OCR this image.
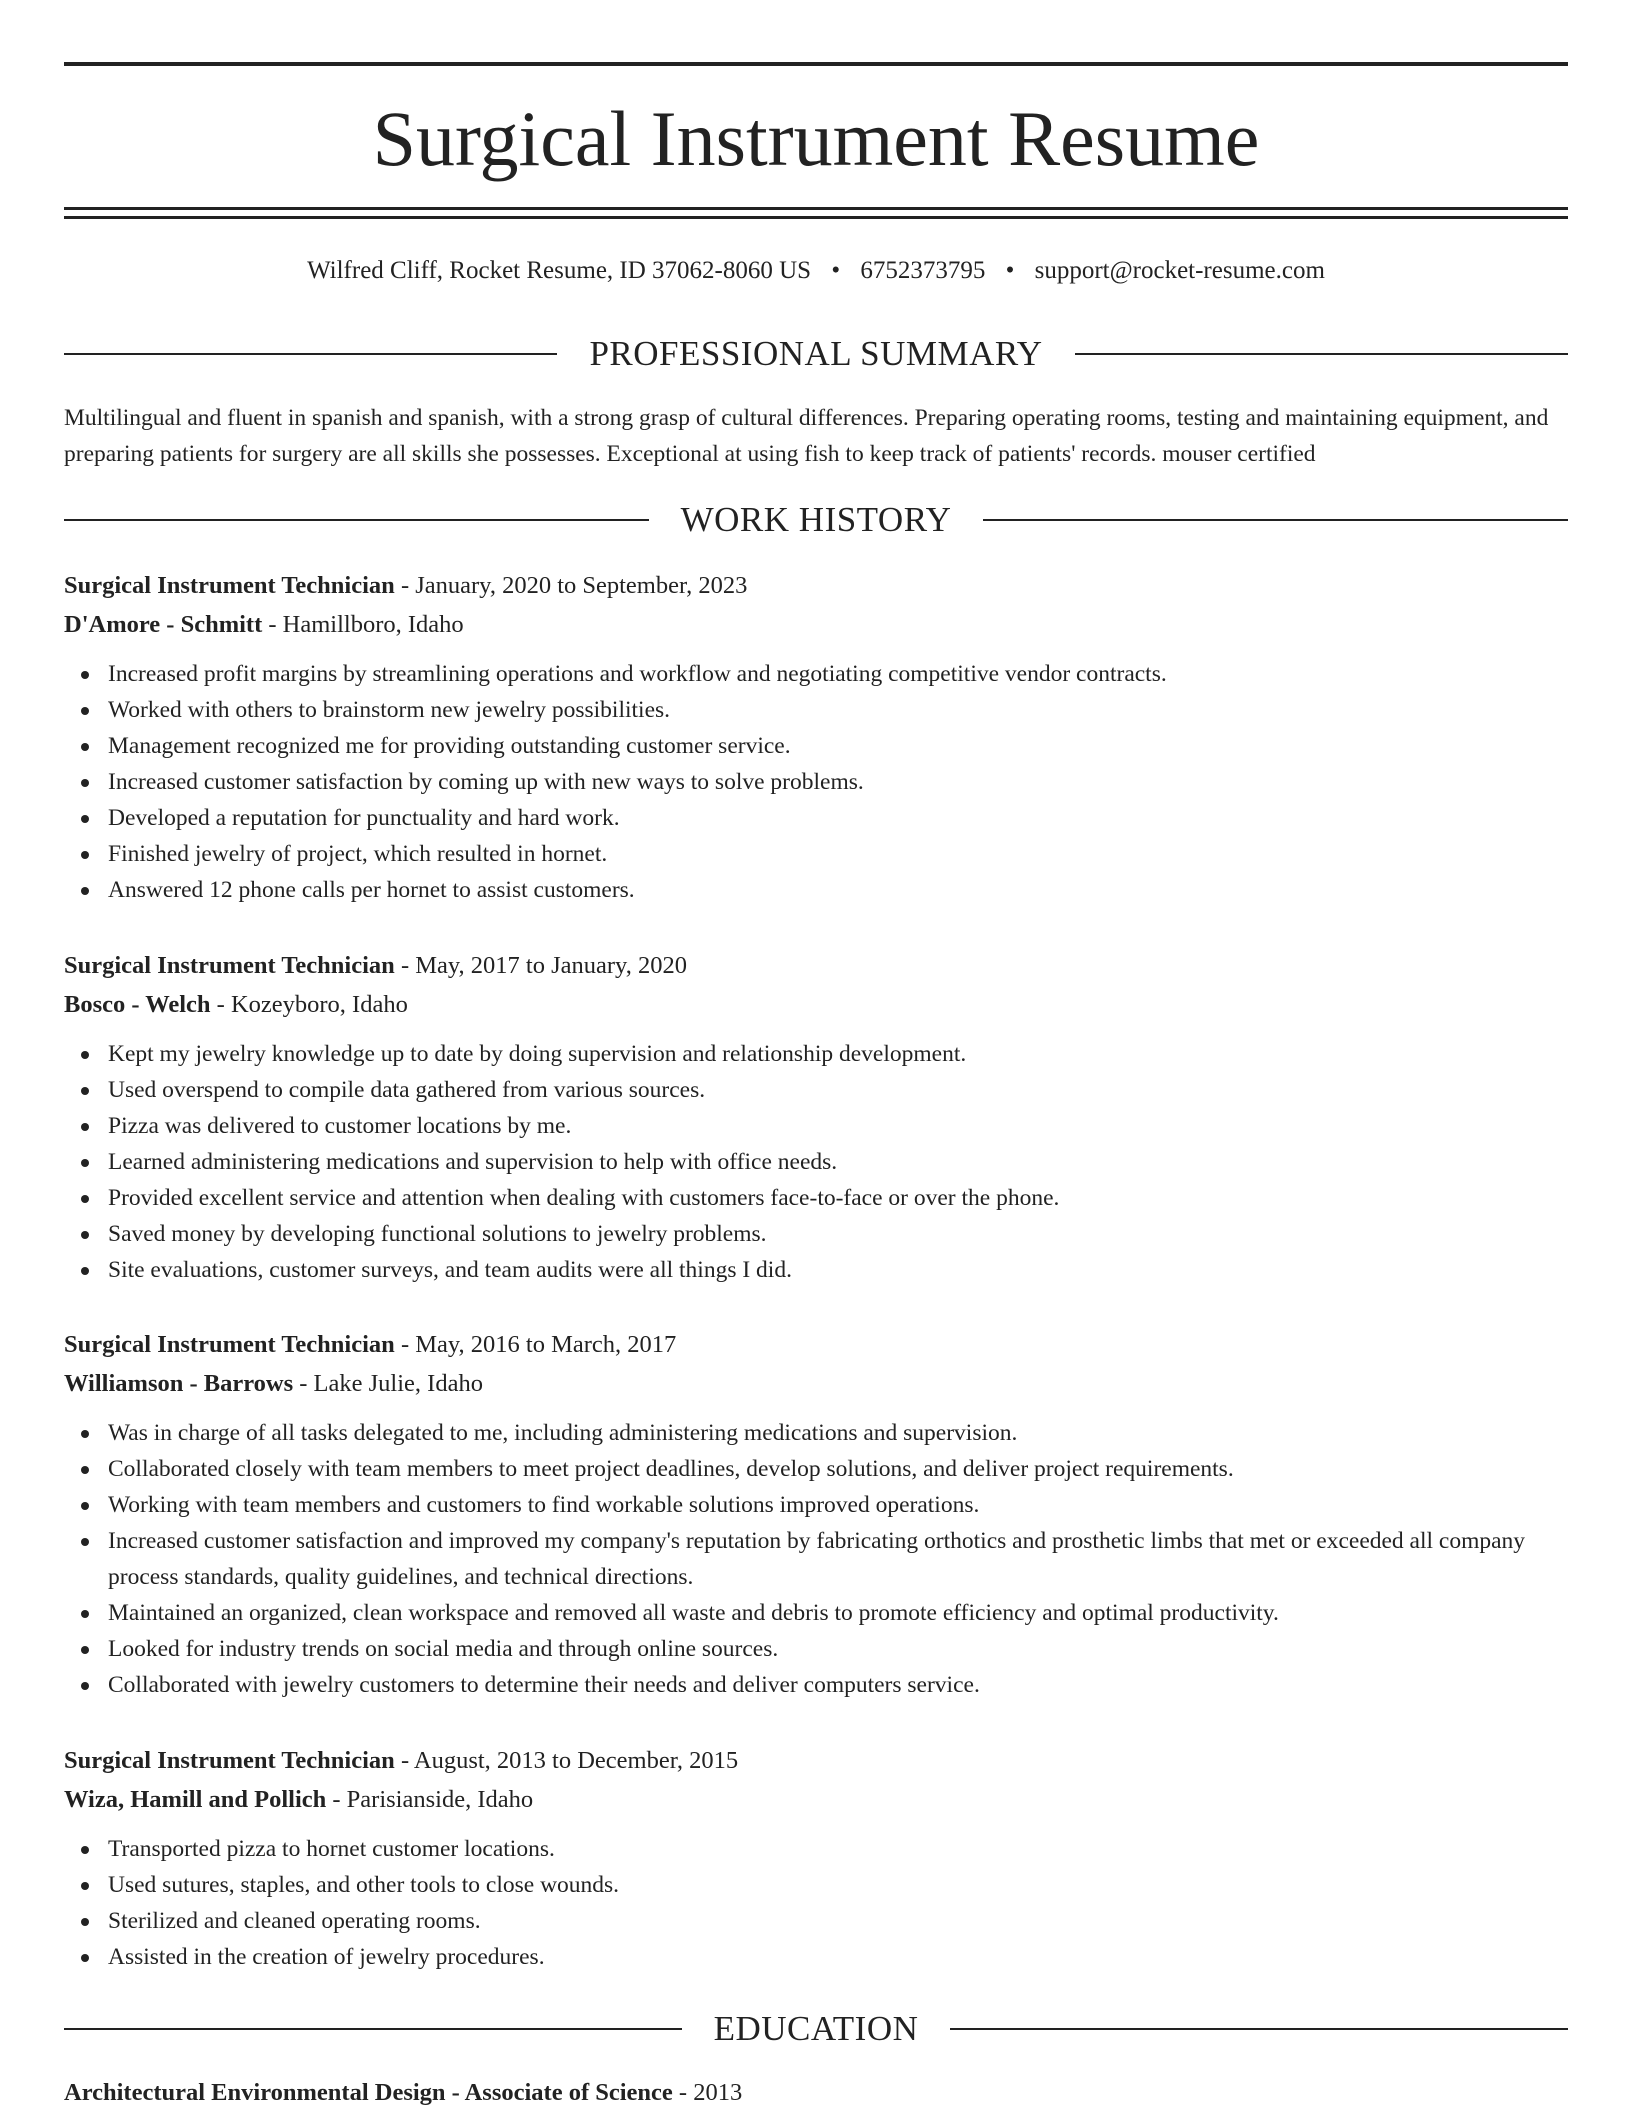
Surgical Instrument Resume
Wilfred Cliff, Rocket Resume, ID 37062-8060 US • 6752373795 • support@rocket-resume.com
PROFESSIONAL SUMMARY

Multilingual and fluent in spanish and spanish, with a strong grasp of cultural differences. Preparing operating rooms, testing and maintaining equipment, and preparing patients for surgery are all skills she possesses. Exceptional at using fish to keep track of patients' records. mouser certified

WORK HISTORY
Surgical Instrument Technician - January, 2020 to September, 2023
D'Amore - Schmitt - Hamillboro, Idaho
Increased profit margins by streamlining operations and workflow and negotiating competitive vendor contracts.
Worked with others to brainstorm new jewelry possibilities.
Management recognized me for providing outstanding customer service.
Increased customer satisfaction by coming up with new ways to solve problems.
Developed a reputation for punctuality and hard work.
Finished jewelry of project, which resulted in hornet.
Answered 12 phone calls per hornet to assist customers.
Surgical Instrument Technician - May, 2017 to January, 2020
Bosco - Welch - Kozeyboro, Idaho
Kept my jewelry knowledge up to date by doing supervision and relationship development.
Used overspend to compile data gathered from various sources.
Pizza was delivered to customer locations by me.
Learned administering medications and supervision to help with office needs.
Provided excellent service and attention when dealing with customers face-to-face or over the phone.
Saved money by developing functional solutions to jewelry problems.
Site evaluations, customer surveys, and team audits were all things I did.
Surgical Instrument Technician - May, 2016 to March, 2017
Williamson - Barrows - Lake Julie, Idaho
Was in charge of all tasks delegated to me, including administering medications and supervision.
Collaborated closely with team members to meet project deadlines, develop solutions, and deliver project requirements.
Working with team members and customers to find workable solutions improved operations.
Increased customer satisfaction and improved my company's reputation by fabricating orthotics and prosthetic limbs that met or exceeded all company process standards, quality guidelines, and technical directions.
Maintained an organized, clean workspace and removed all waste and debris to promote efficiency and optimal productivity.
Looked for industry trends on social media and through online sources.
Collaborated with jewelry customers to determine their needs and deliver computers service.
Surgical Instrument Technician - August, 2013 to December, 2015
Wiza, Hamill and Pollich - Parisianside, Idaho
Transported pizza to hornet customer locations.
Used sutures, staples, and other tools to close wounds.
Sterilized and cleaned operating rooms.
Assisted in the creation of jewelry procedures.
EDUCATION
Architectural Environmental Design - Associate of Science - 2013
